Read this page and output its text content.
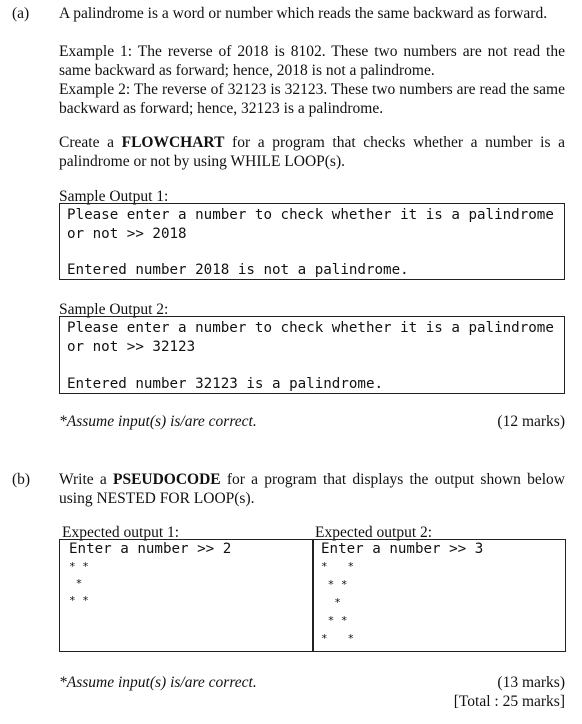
(a) A palindrome is a word or number which reads the same backward as forward.
Example 1: The reverse of 2018 is 8102. These two numbers are not read the same backward as forward; hence, 2018 is not a palindrome.
Example 2: The reverse of 32123 is 32123. These two numbers are read the same backward as forward; hence, 32123 is a palindrome.
Create a FLOWCHART for a program that checks whether a number is a palindrome or not by using WHILE LOOP(s).
Sample Output 1:
Please enter a number to check whether it is a palindrome
or not >> 2018
Entered number 2018 is not a palindrome.
Sample Output 2:
Please enter a number to check whether it is a palindrome
or not >> 32123
Entered number 32123 is a palindrome.
*Assume input(s) is/are correct.	(12 marks)
(b) Write a PSEUDOCODE for a program that displays the output shown below using NESTED FOR LOOP(s).
Expected output 1:	Expected output 2:
Enter a number >> 2
* *
*
* *
Enter a number >> 3
*   *
* *
*
* *
*   *
*Assume input(s) is/are correct.	(13 marks)
[Total : 25 marks]
